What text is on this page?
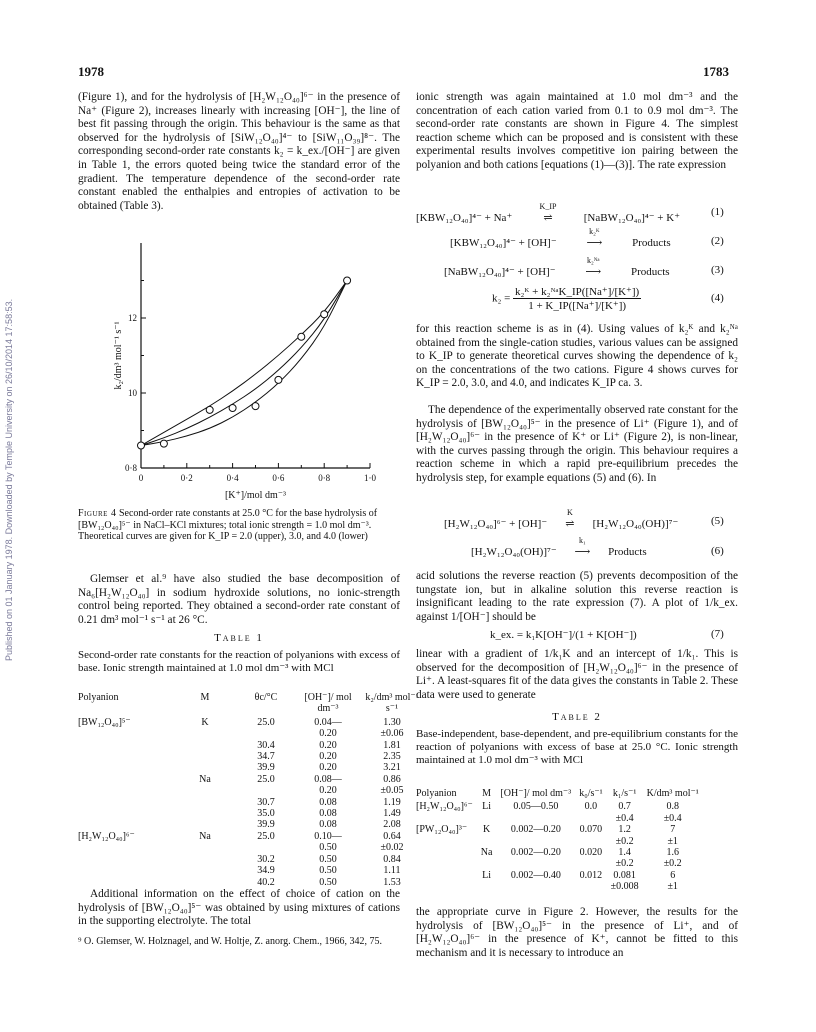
1978	1783
Published on 01 January 1978. Downloaded by Temple University on 26/10/2014 17:58:53.

(Figure 1), and for the hydrolysis of [H₂W₁₂O₄₀]⁶⁻ in the presence of Na⁺ (Figure 2), increases linearly with increasing [OH⁻], the line of best fit passing through the origin. This behaviour is the same as that observed for the hydrolysis of [SiW₁₂O₄₀]⁴⁻ to [SiW₁₁O₃₉]⁸⁻. The corresponding second-order rate constants k₂ = k_ex./[OH⁻] are given in Table 1, the errors quoted being twice the standard error of the gradient. The temperature dependence of the second-order rate constant enabled the enthalpies and entropies of activation to be obtained (Table 3).

0	0·2	0·4	0·6	0·8	1·0
0·8
10
12
[K⁺]/mol dm⁻³
k₂/dm³ mol⁻¹ s⁻¹
Figure 4 Second-order rate constants at 25.0 °C for the base hydrolysis of [BW₁₂O₄₀]⁵⁻ in NaCl–KCl mixtures; total ionic strength = 1.0 mol dm⁻³. Theoretical curves are given for K_IP = 2.0 (upper), 3.0, and 4.0 (lower)

Glemser et al.⁹ have also studied the base decomposition of Na₆[H₂W₁₂O₄₀] in sodium hydroxide solutions, no ionic-strength control being reported. They obtained a second-order rate constant of 0.21 dm³ mol⁻¹ s⁻¹ at 26 °C.

Table 1
Second-order rate constants for the reaction of polyanions with excess of base. Ionic strength maintained at 1.0 mol dm⁻³ with MCl
Polyanion	M	θc/°C	[OH⁻]/ mol dm⁻³	k₂/dm³ mol⁻¹ s⁻¹
[BW₁₂O₄₀]⁵⁻	K	25.0	0.04—	1.30
			0.20	±0.06
		30.4	0.20	1.81
		34.7	0.20	2.35
		39.9	0.20	3.21
	Na	25.0	0.08—	0.86
			0.20	±0.05
		30.7	0.08	1.19
		35.0	0.08	1.49
		39.9	0.08	2.08
[H₂W₁₂O₄₀]⁶⁻	Na	25.0	0.10—	0.64
			0.50	±0.02
		30.2	0.50	0.84
		34.9	0.50	1.11
		40.2	0.50	1.53

Additional information on the effect of choice of cation on the hydrolysis of [BW₁₂O₄₀]⁵⁻ was obtained by using mixtures of cations in the supporting electrolyte. The total

⁹ O. Glemser, W. Holznagel, and W. Holtje, Z. anorg. Chem., 1966, 342, 75.

ionic strength was again maintained at 1.0 mol dm⁻³ and the concentration of each cation varied from 0.1 to 0.9 mol dm⁻³. The second-order rate constants are shown in Figure 4. The simplest reaction scheme which can be proposed and is consistent with these experimental results involves competitive ion pairing between the polyanion and both cations [equations (1)—(3)]. The rate expression

[KBW₁₂O₄₀]⁴⁻ + Na⁺
K_IP
⇌	[NaBW₁₂O₄₀]⁴⁻ + K⁺	(1)
[KBW₁₂O₄₀]⁴⁻ + [OH]⁻
k₂ᴷ
⟶	Products	(2)
[NaBW₁₂O₄₀]⁴⁻ + [OH]⁻
k₂ᴺᵃ
⟶	Products	(3)
$k_2 = \frac{\text{k₂ᴷ + k₂ᴺᵃK\_IP([Na⁺]/[K⁺])}}{1 + K\_IP([Na^+]/[K^+])}$	(4)

for this reaction scheme is as in (4). Using values of k₂ᴷ and k₂ᴺᵃ obtained from the single-cation studies, various values can be assigned to K_IP to generate theoretical curves showing the dependence of k₂ on the concentrations of the two cations. Figure 4 shows curves for K_IP = 2.0, 3.0, and 4.0, and indicates K_IP ca. 3.

The dependence of the experimentally observed rate constant for the hydrolysis of [BW₁₂O₄₀]⁵⁻ in the presence of Li⁺ (Figure 1), and of [H₂W₁₂O₄₀]⁶⁻ in the presence of K⁺ or Li⁺ (Figure 2), is non-linear, with the curves passing through the origin. This behaviour requires a reaction scheme in which a rapid pre-equilibrium precedes the hydrolysis step, for example equations (5) and (6). In

[H₂W₁₂O₄₀]⁶⁻ + [OH]⁻
K
⇌ [H₂W₁₂O₄₀(OH)]⁷⁻	(5)
[H₂W₁₂O₄₀(OH)]⁷⁻
k₁
⟶ Products	(6)

acid solutions the reverse reaction (5) prevents decomposition of the tungstate ion, but in alkaline solution this reverse reaction is insignificant leading to the rate expression (7). A plot of 1/k_ex. against 1/[OH⁻] should be

k_ex. = k₁K[OH⁻]/(1 + K[OH⁻])	(7)

linear with a gradient of 1/k₁K and an intercept of 1/k₁. This is observed for the decomposition of [H₂W₁₂O₄₀]⁶⁻ in the presence of Li⁺. A least-squares fit of the data gives the constants in Table 2. These data were used to generate

Table 2
Base-independent, base-dependent, and pre-equilibrium constants for the reaction of polyanions with excess of base at 25.0 °C. Ionic strength maintained at 1.0 mol dm⁻³ with MCl
Polyanion	M	[OH⁻]/ mol dm⁻³	k₀/s⁻¹	k₁/s⁻¹	K/dm³ mol⁻¹
[H₂W₁₂O₄₀]⁶⁻	Li	0.05—0.50	0.0	0.7	0.8
				±0.4	±0.4
[PW₁₂O₄₀]³⁻	K	0.002—0.20	0.070	1.2	7
				±0.2	±1
	Na	0.002—0.20	0.020	1.4	1.6
				±0.2	±0.2
	Li	0.002—0.40	0.012	0.081	6
				±0.008	±1

the appropriate curve in Figure 2. However, the results for the hydrolysis of [BW₁₂O₄₀]⁵⁻ in the presence of Li⁺, and of [H₂W₁₂O₄₀]⁶⁻ in the presence of K⁺, cannot be fitted to this mechanism and it is necessary to introduce an
